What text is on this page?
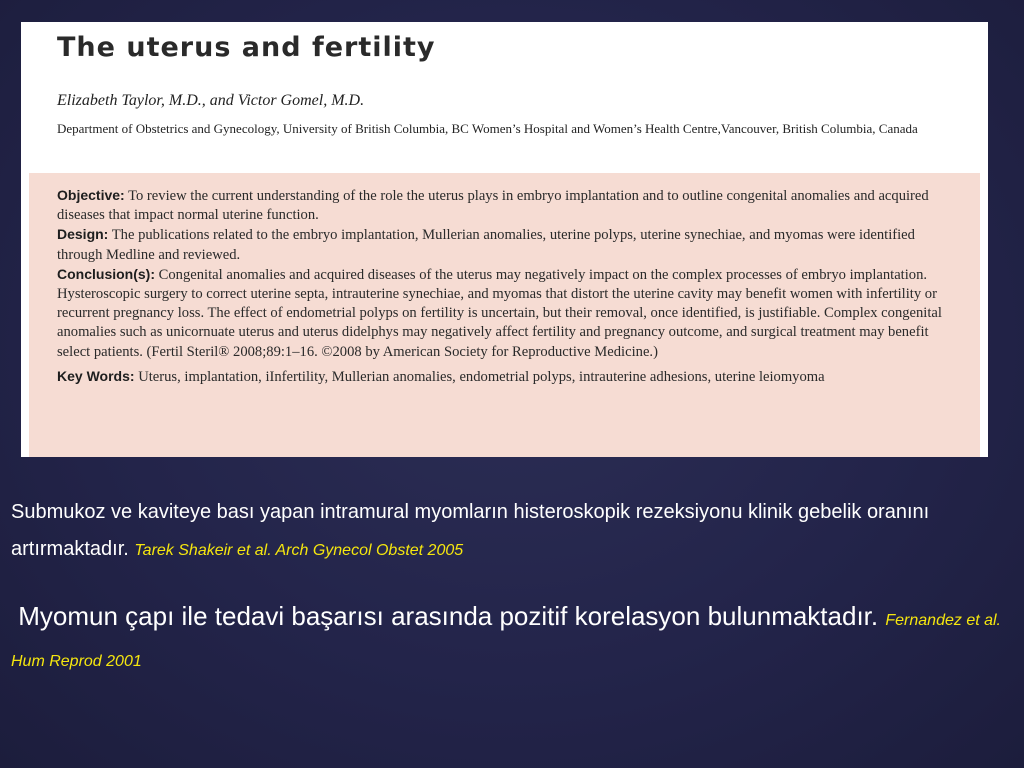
The uterus and fertility
Elizabeth Taylor, M.D., and Victor Gomel, M.D.
Department of Obstetrics and Gynecology, University of British Columbia, BC Women’s Hospital and Women’s Health Centre,Vancouver, British Columbia, Canada

Objective: To review the current understanding of the role the uterus plays in embryo implantation and to outline congenital anomalies and acquired diseases that impact normal uterine function.

Design: The publications related to the embryo implantation, Mullerian anomalies, uterine polyps, uterine synechiae, and myomas were identified through Medline and reviewed.

Conclusion(s): Congenital anomalies and acquired diseases of the uterus may negatively impact on the complex processes of embryo implantation. Hysteroscopic surgery to correct uterine septa, intrauterine synechiae, and myomas that distort the uterine cavity may benefit women with infertility or recurrent pregnancy loss. The effect of endometrial polyps on fertility is uncertain, but their removal, once identified, is justifiable. Complex congenital anomalies such as unicornuate uterus and uterus didelphys may negatively affect fertility and pregnancy outcome, and surgical treatment may benefit select patients. (Fertil Steril® 2008;89:1–16. ©2008 by American Society for Reproductive Medicine.)

Key Words: Uterus, implantation, iInfertility, Mullerian anomalies, endometrial polyps, intrauterine adhesions, uterine leiomyoma

Submukoz ve kaviteye bası yapan intramural myomların histeroskopik rezeksiyonu klinik gebelik oranını artırmaktadır. Tarek Shakeir et al. Arch Gynecol Obstet 2005
Myomun çapı ile tedavi başarısı arasında pozitif korelasyon bulunmaktadır. Fernandez et al. Hum Reprod 2001
